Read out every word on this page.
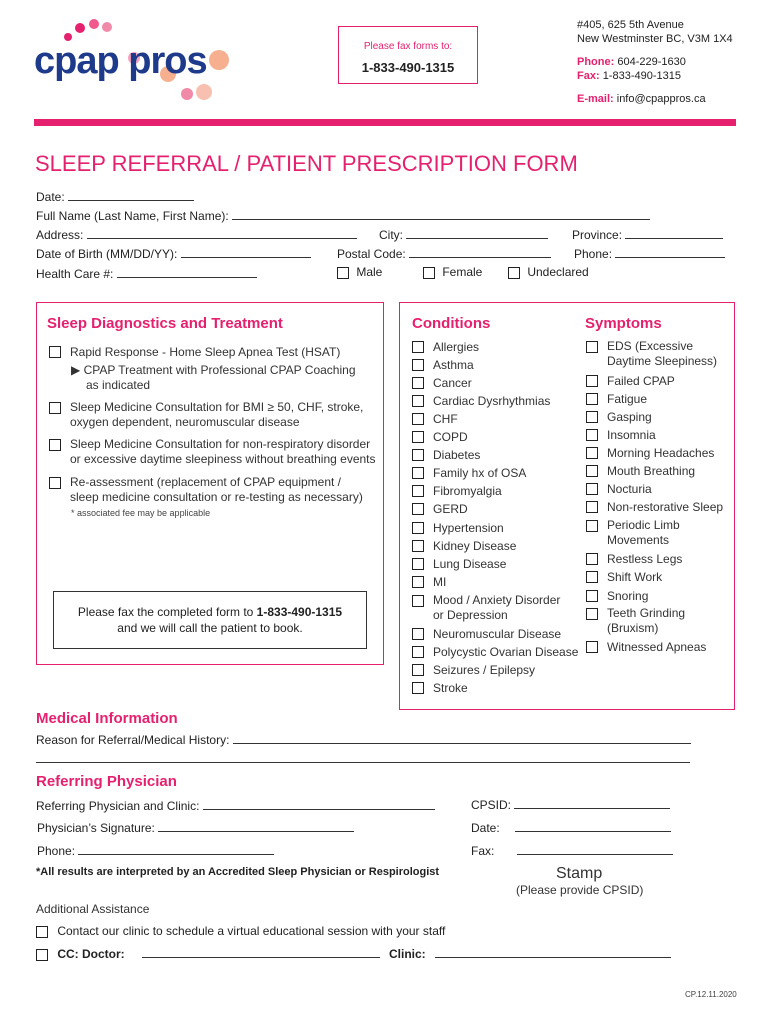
cpap pros	Please fax forms to:
1-833-490-1315
#405, 625 5th Avenue
New Westminster BC, V3M 1X4
Phone: 604-229-1630
Fax: 1-833-490-1315
E-mail: info@cpappros.ca
SLEEP REFERRAL / PATIENT PRESCRIPTION FORM
Date:
Full Name (Last Name, First Name):
Address:	City:	Province:
Date of Birth (MM/DD/YY):	Postal Code:	Phone:
Health Care #:	Male	Female	Undeclared
Sleep Diagnostics and Treatment
Rapid Response - Home Sleep Apnea Test (HSAT)
▶ CPAP Treatment with Professional CPAP Coaching
as indicated
Sleep Medicine Consultation for BMI ≥ 50, CHF, stroke,
oxygen dependent, neuromuscular disease
Sleep Medicine Consultation for non-respiratory disorder
or excessive daytime sleepiness without breathing events
Re-assessment (replacement of CPAP equipment /
sleep medicine consultation or re-testing as necessary)
* associated fee may be applicable
Please fax the completed form to 1-833-490-1315
and we will call the patient to book.
Conditions	Symptoms
Allergies
Asthma
Cancer
Cardiac Dysrhythmias
CHF
COPD
Diabetes
Family hx of OSA
Fibromyalgia
GERD
Hypertension
Kidney Disease
Lung Disease
MI
Mood / Anxiety Disorder
or Depression
Neuromuscular Disease
Polycystic Ovarian Disease
Seizures / Epilepsy
Stroke
EDS (Excessive
Daytime Sleepiness)
Failed CPAP
Fatigue
Gasping
Insomnia
Morning Headaches
Mouth Breathing
Nocturia
Non-restorative Sleep
Periodic Limb
Movements
Restless Legs
Shift Work
Snoring
Teeth Grinding
(Bruxism)
Witnessed Apneas
Medical Information
Reason for Referral/Medical History:
Referring Physician
Referring Physician and Clinic:	CPSID:
Physician’s Signature:	Date:
Phone:	Fax:
*All results are interpreted by an Accredited Sleep Physician or Respirologist	Stamp
(Please provide CPSID)
Additional Assistance
Contact our clinic to schedule a virtual educational session with your staff
CC: Doctor:	Clinic:
CP.12.11.2020
